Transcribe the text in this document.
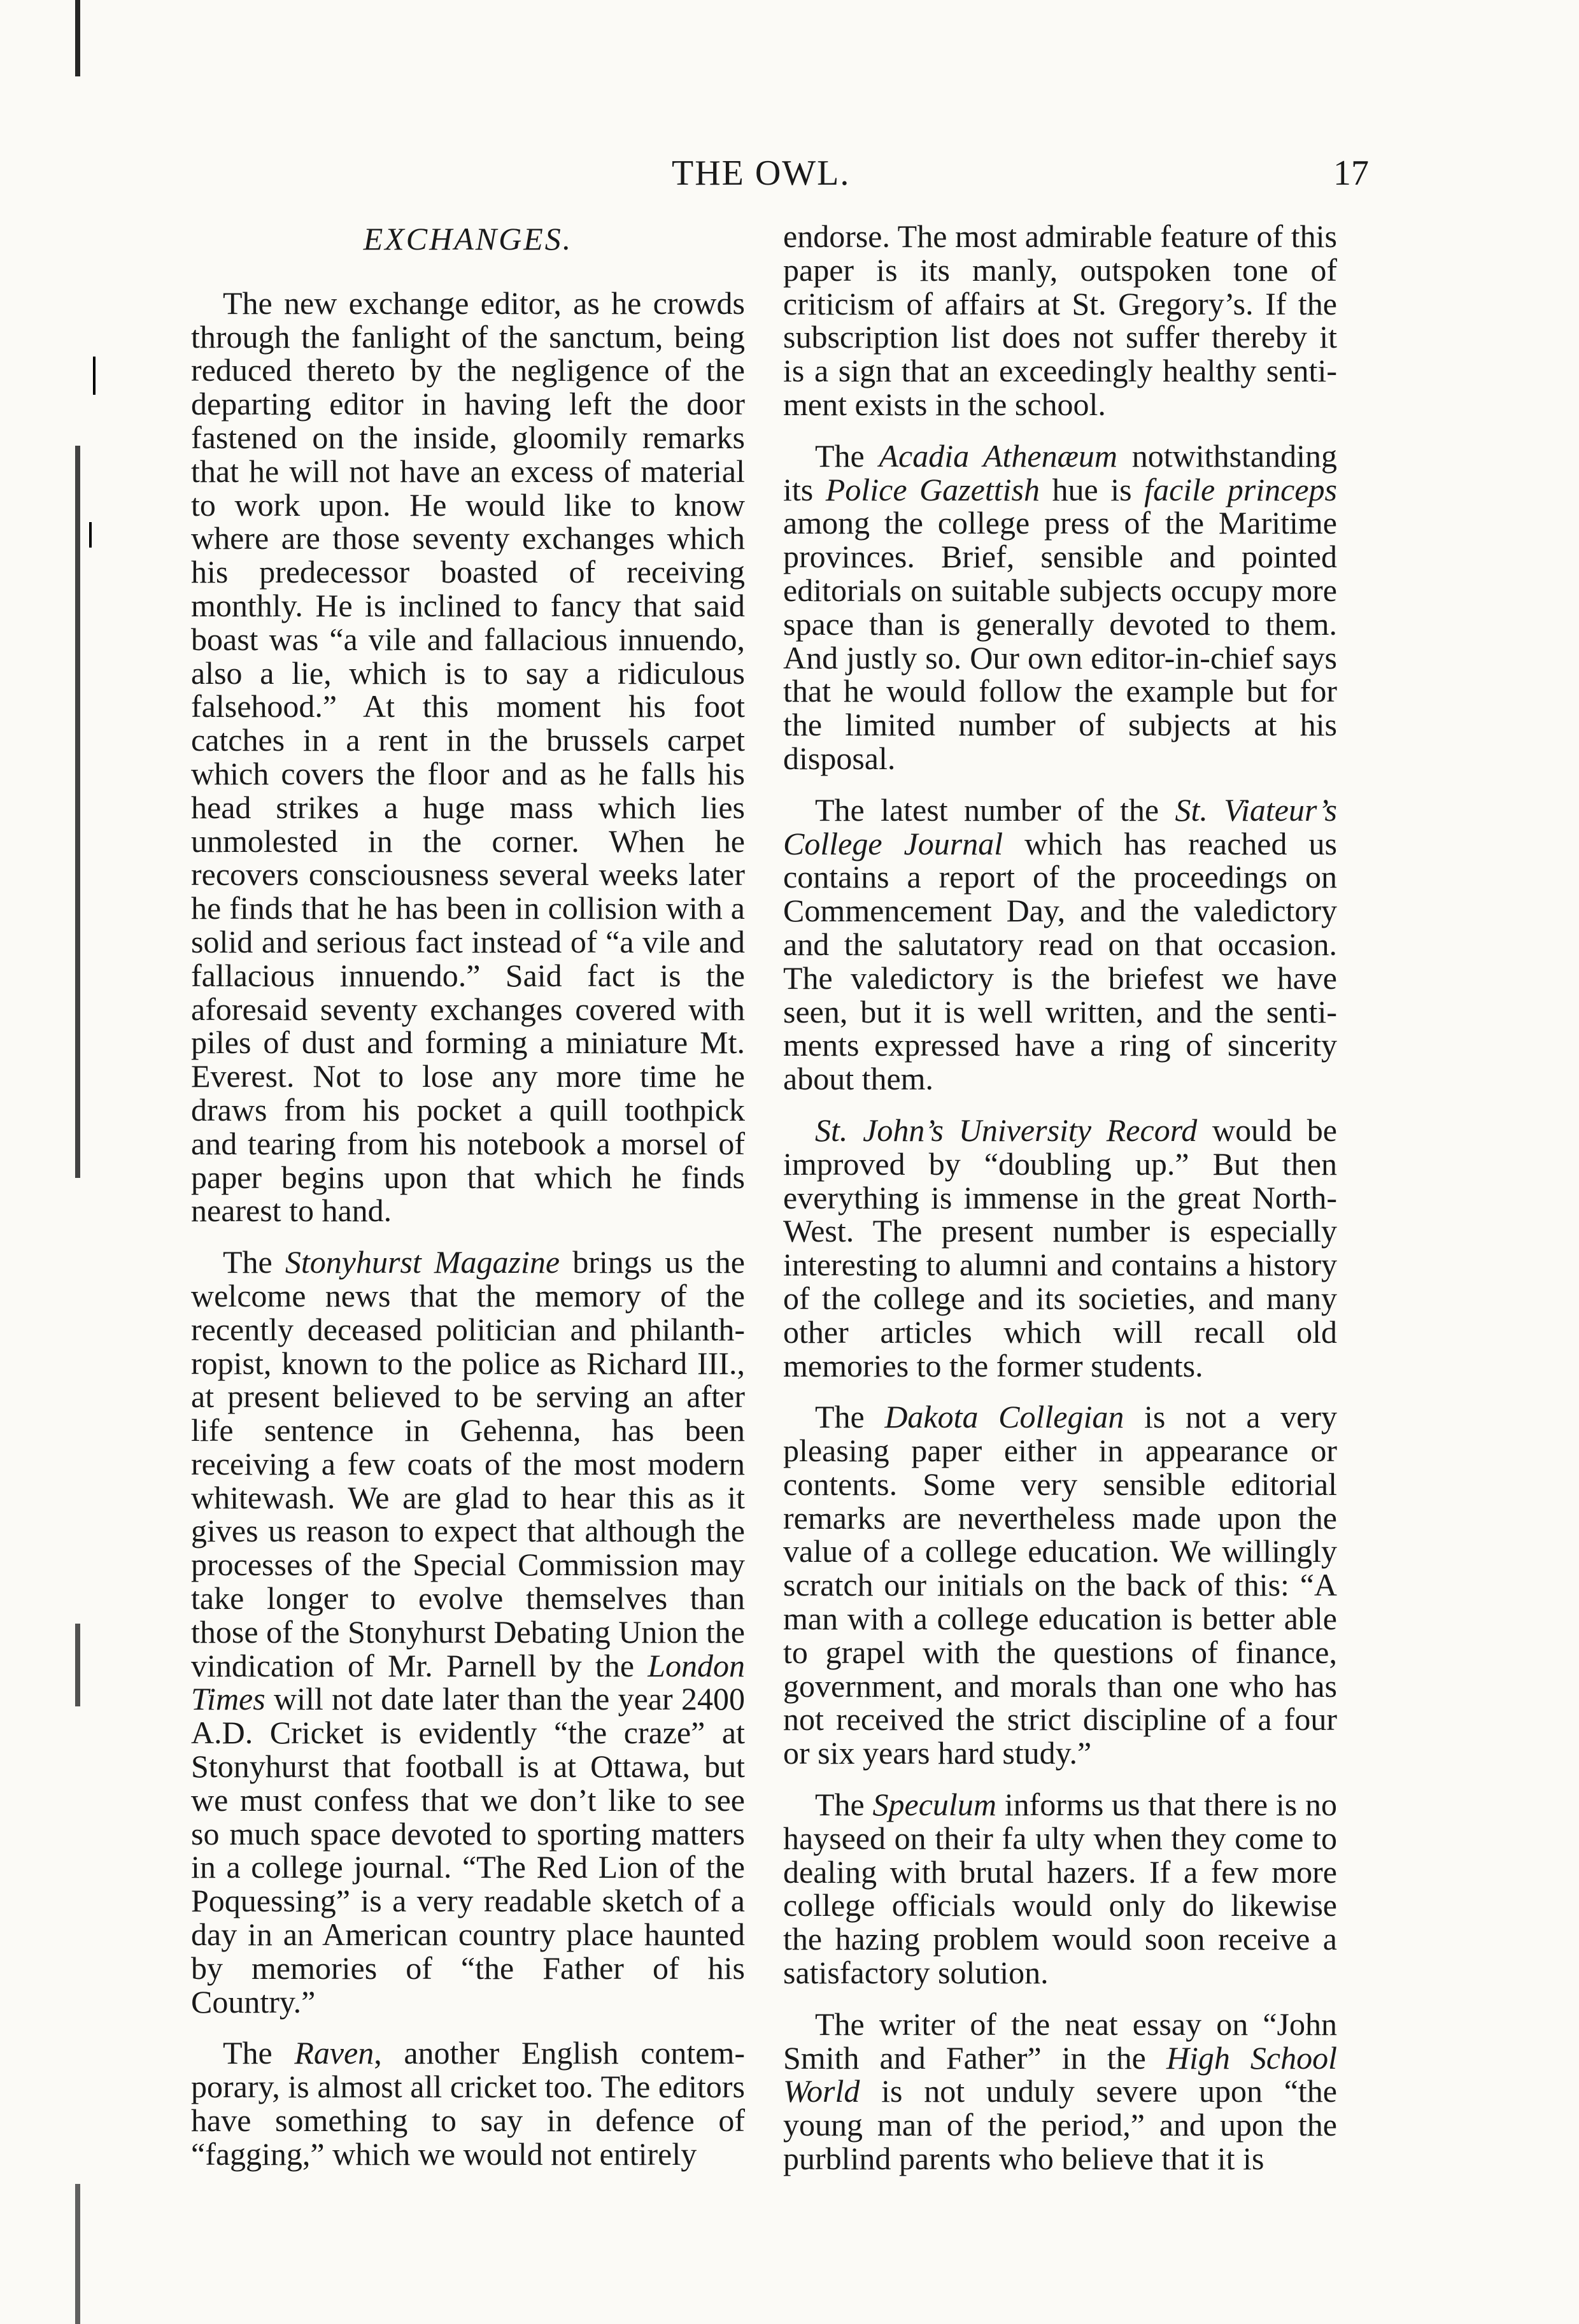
THE OWL.	17
EXCHANGES.

The new exchange editor, as he crowds through the fanlight of the sanctum, being reduced thereto by the negligence of the departing editor in having left the door fastened on the inside, gloomily remarks that he will not have an excess of material to work upon. He would like to know where are those seventy exchanges which his predecessor boasted of receiving monthly. He is inclined to fancy that said boast was “a vile and fallacious innuendo, also a lie, which is to say a ridiculous falsehood.” At this moment his foot catches in a rent in the brussels carpet which covers the floor and as he falls his head strikes a huge mass which lies unmolested in the corner. When he recovers consciousness several weeks later he finds that he has been in collision with a solid and serious fact instead of “a vile and fallacious innuendo.” Said fact is the aforesaid seventy exchanges covered with piles of dust and forming a miniature Mt. Everest. Not to lose any more time he draws from his pocket a quill toothpick and tearing from his notebook a morsel of paper begins upon that which he finds nearest to hand.

The Stonyhurst Magazine brings us the welcome news that the memory of the recently deceased politician and philanthropist, known to the police as Richard III., at present believed to be serving an after life sentence in Gehenna, has been receiving a few coats of the most modern whitewash. We are glad to hear this as it gives us reason to expect that although the processes of the Special Commission may take longer to evolve themselves than those of the Stonyhurst Debating Union the vindication of Mr. Parnell by the London Times will not date later than the year 2400 A.D. Cricket is evidently “the craze” at Stonyhurst that football is at Ottawa, but we must confess that we don’t like to see so much space devoted to sporting matters in a college journal. “The Red Lion of the Poquessing” is a very readable sketch of a day in an American country place haunted by memories of “the Father of his Country.”

The Raven, another English contemporary, is almost all cricket too. The editors have something to say in defence of “fagging,” which we would not entirely

endorse. The most admirable feature of this paper is its manly, outspoken tone of criticism of affairs at St. Gregory’s. If the subscription list does not suffer thereby it is a sign that an exceedingly healthy sentiment exists in the school.

The Acadia Athenæum notwithstanding its Police Gazettish hue is facile princeps among the college press of the Maritime provinces. Brief, sensible and pointed editorials on suitable subjects occupy more space than is generally devoted to them. And justly so. Our own editor-in-chief says that he would follow the example but for the limited number of subjects at his disposal.

The latest number of the St. Viateur’s College Journal which has reached us contains a report of the proceedings on Commencement Day, and the valedictory and the salutatory read on that occasion. The valedictory is the briefest we have seen, but it is well written, and the sentiments expressed have a ring of sincerity about them.

St. John’s University Record would be improved by “doubling up.” But then everything is immense in the great North-West. The present number is especially interesting to alumni and contains a history of the college and its societies, and many other articles which will recall old memories to the former students.

The Dakota Collegian is not a very pleasing paper either in appearance or contents. Some very sensible editorial remarks are nevertheless made upon the value of a college education. We willingly scratch our initials on the back of this: “A man with a college education is better able to grapel with the questions of finance, government, and morals than one who has not received the strict discipline of a four or six years hard study.”

The Speculum informs us that there is no hayseed on their fa ulty when they come to dealing with brutal hazers. If a few more college officials would only do likewise the hazing problem would soon receive a satisfactory solution.

The writer of the neat essay on “John Smith and Father” in the High School World is not unduly severe upon “the young man of the period,” and upon the purblind parents who believe that it is
